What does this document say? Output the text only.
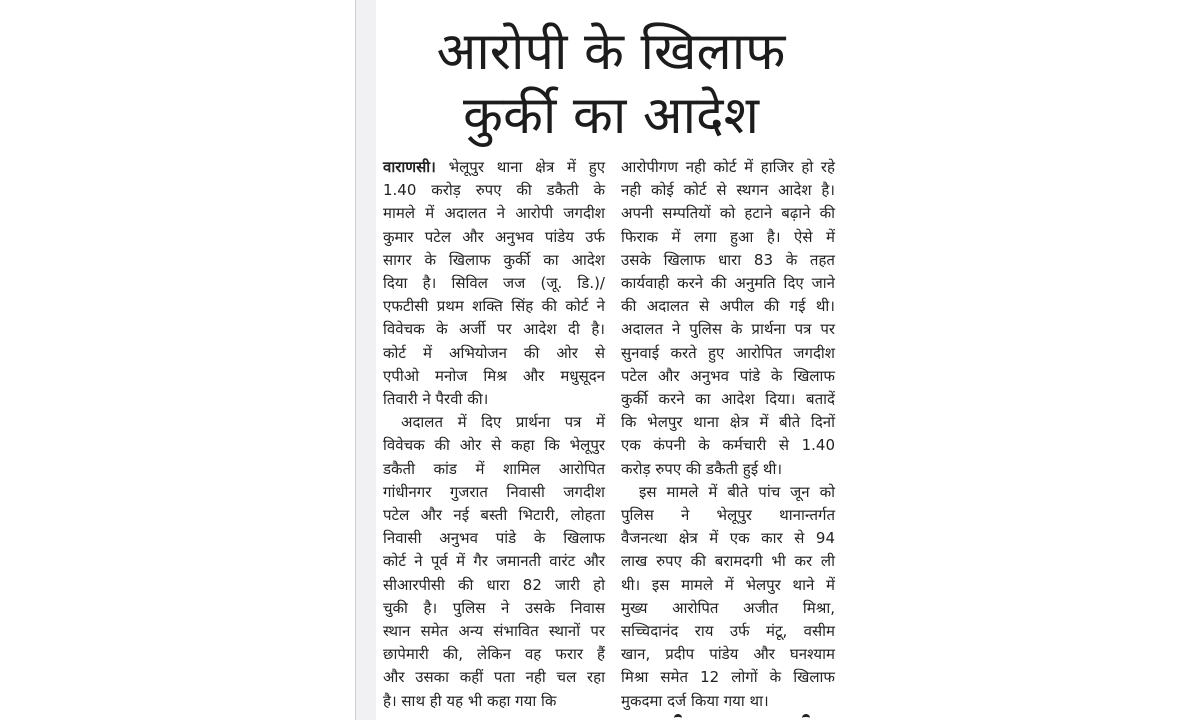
आरोपी के खिलाफ
कुर्की का आदेश
वाराणसी। भेलूपुर थाना क्षेत्र में हुए
1.40 करोड़ रुपए की डकैती के
मामले में अदालत ने आरोपी जगदीश
कुमार पटेल और अनुभव पांडेय उर्फ
सागर के खिलाफ कुर्की का आदेश
दिया है। सिविल जज (जू. डि.)/
एफटीसी प्रथम शक्ति सिंह की कोर्ट ने
विवेचक के अर्जी पर आदेश दी है।
कोर्ट में अभियोजन की ओर से
एपीओ मनोज मिश्र और मधुसूदन
तिवारी ने पैरवी की।
अदालत में दिए प्रार्थना पत्र में
विवेचक की ओर से कहा कि भेलूपुर
डकैती कांड में शामिल आरोपित
गांधीनगर गुजरात निवासी जगदीश
पटेल और नई बस्ती भिटारी, लोहता
निवासी अनुभव पांडे के खिलाफ
कोर्ट ने पूर्व में गैर जमानती वारंट और
सीआरपीसी की धारा 82 जारी हो
चुकी है। पुलिस ने उसके निवास
स्थान समेत अन्य संभावित स्थानों पर
छापेमारी की, लेकिन वह फरार हैं
और उसका कहीं पता नही चल रहा
है। साथ ही यह भी कहा गया कि
आरोपीगण नही कोर्ट में हाजिर हो रहे
नही कोई कोर्ट से स्थगन आदेश है।
अपनी सम्पतियों को हटाने बढ़ाने की
फिराक में लगा हुआ है। ऐसे में
उसके खिलाफ धारा 83 के तहत
कार्यवाही करने की अनुमति दिए जाने
की अदालत से अपील की गई थी।
अदालत ने पुलिस के प्रार्थना पत्र पर
सुनवाई करते हुए आरोपित जगदीश
पटेल और अनुभव पांडे के खिलाफ
कुर्की करने का आदेश दिया। बतादें
कि भेलपुर थाना क्षेत्र में बीते दिनों
एक कंपनी के कर्मचारी से 1.40
करोड़ रुपए की डकैती हुई थी।
इस मामले में बीते पांच जून को
पुलिस ने भेलूपुर थानान्तर्गत
वैजनत्था क्षेत्र में एक कार से 94
लाख रुपए की बरामदगी भी कर ली
थी। इस मामले में भेलपुर थाने में
मुख्य आरोपित अजीत मिश्रा,
सच्चिदानंद राय उर्फ मंटू, वसीम
खान, प्रदीप पांडेय और घनश्याम
मिश्रा समेत 12 लोगों के खिलाफ
मुकदमा दर्ज किया गया था।
